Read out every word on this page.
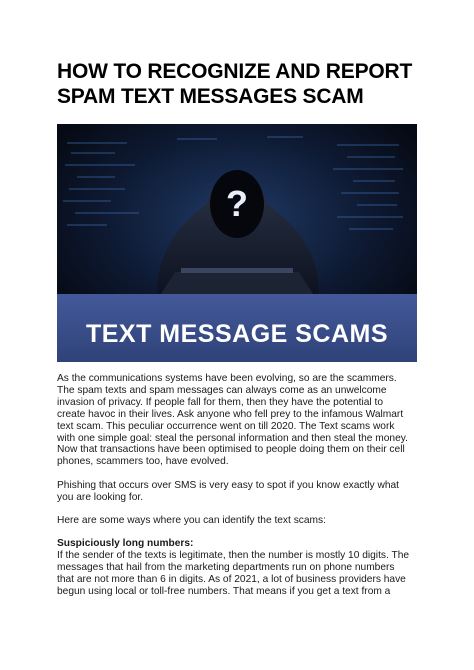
HOW TO RECOGNIZE AND REPORT
SPAM TEXT MESSAGES SCAM
?
TEXT MESSAGE SCAMS

As the communications systems have been evolving, so are the scammers.
The spam texts and spam messages can always come as an unwelcome
invasion of privacy. If people fall for them, then they have the potential to
create havoc in their lives. Ask anyone who fell prey to the infamous Walmart
text scam. This peculiar occurrence went on till 2020. The Text scams work
with one simple goal: steal the personal information and then steal the money.
Now that transactions have been optimised to people doing them on their cell
phones, scammers too, have evolved.

Phishing that occurs over SMS is very easy to spot if you know exactly what
you are looking for.

Here are some ways where you can identify the text scams:

Suspiciously long numbers:
If the sender of the texts is legitimate, then the number is mostly 10 digits. The
messages that hail from the marketing departments run on phone numbers
that are not more than 6 in digits. As of 2021, a lot of business providers have
begun using local or toll-free numbers. That means if you get a text from a
